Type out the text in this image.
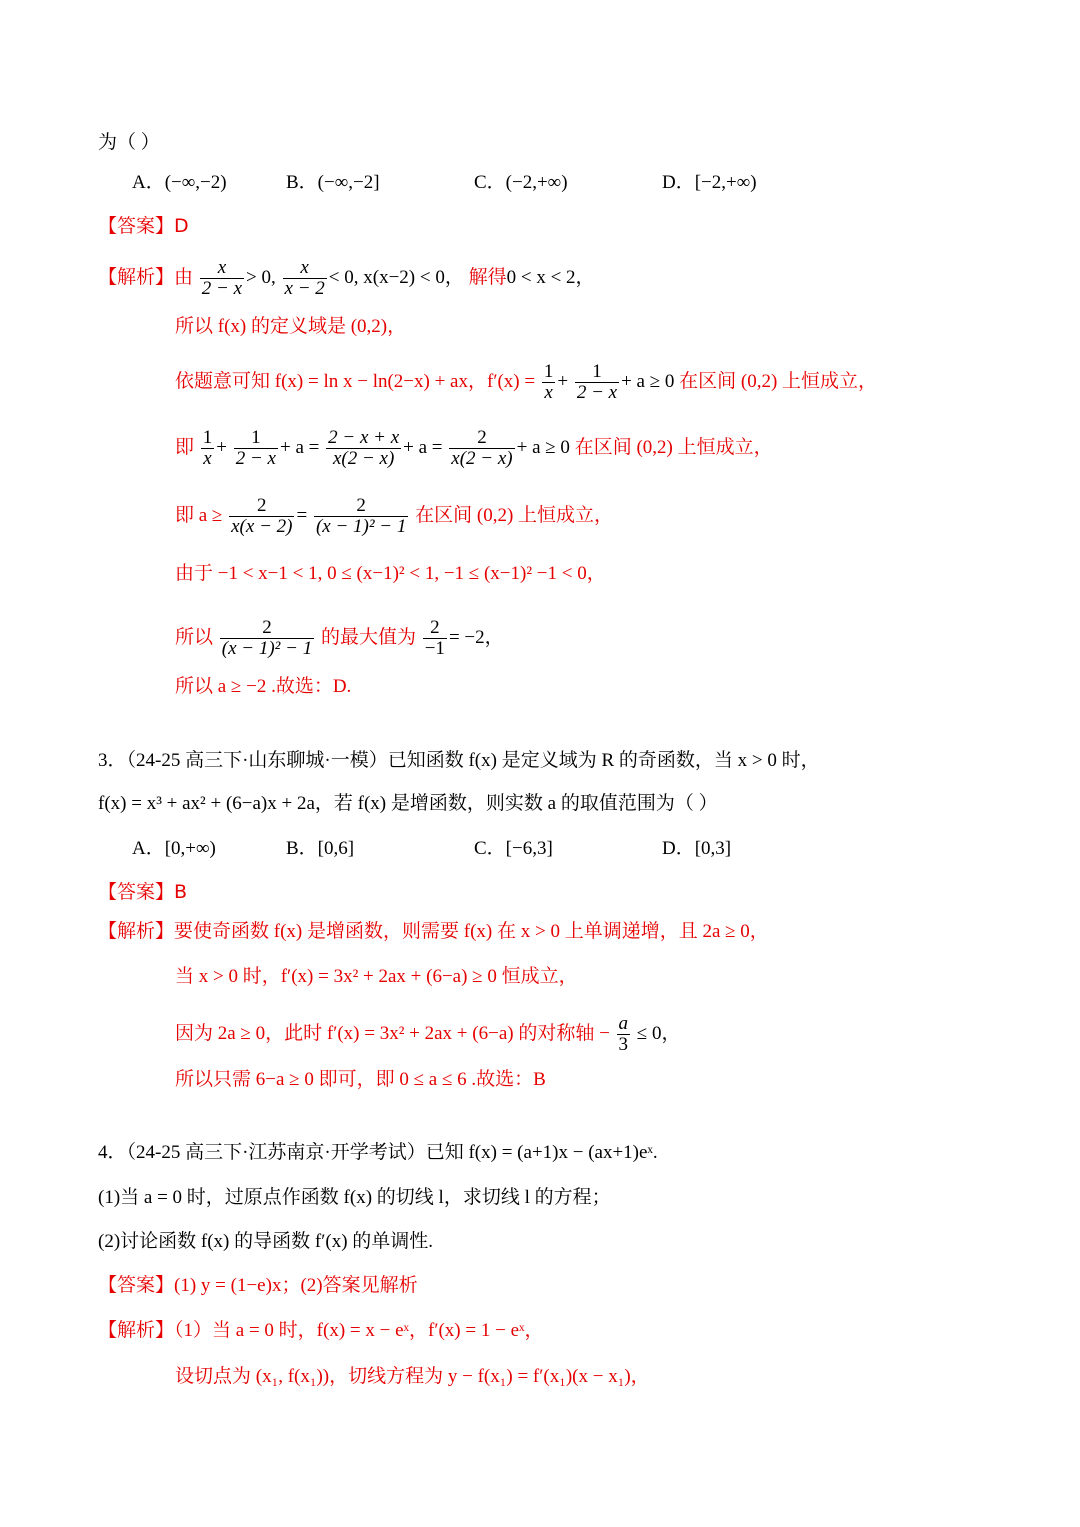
为（ ）
A．(−∞,−2)	B．(−∞,−2]	C．(−2,+∞)	D．[−2,+∞)
【答案】D
【解析】由 $\frac{x}{2 - x} > 0$, $\frac{x}{x - 2} < 0$, x(x−2) < 0， 解得0 < x < 2，
所以 f(x) 的定义域是 (0,2)，
依题意可知 f(x) = ln x − ln(2−x) + ax，$f'(x) = \frac{1}{x} + \frac{1}{2 - x} + a \ge 0$ 在区间 (0,2) 上恒成立，
即 $\frac{1}{x} + \frac{1}{2 - x} + a = \frac{2 - x + x}{x(2 - x)} + a = \frac{2}{x(2 - x)} + a \ge 0$ 在区间 (0,2) 上恒成立，
即 $a \ge \frac{2}{x(x - 2)} = \frac{2}{\text{(x − 1)² − 1}}$ 在区间 (0,2) 上恒成立，
由于 −1 < x−1 < 1, 0 ≤ (x−1)² < 1, −1 ≤ (x−1)² −1 < 0，
所以 $\frac{2}{\text{(x − 1)² − 1}}$ 的最大值为 $\frac{2}{-1} = -2$，
所以 a ≥ −2 .故选：D.
3．（24-25 高三下·山东聊城·一模）已知函数 f(x) 是定义域为 R 的奇函数，当 x > 0 时，
f(x) = x³ + ax² + (6−a)x + 2a，若 f(x) 是增函数，则实数 a 的取值范围为（ ）
A．[0,+∞)	B．[0,6]	C．[−6,3]	D．[0,3]
【答案】B
【解析】要使奇函数 f(x) 是增函数，则需要 f(x) 在 x > 0 上单调递增，且 2a ≥ 0，
当 x > 0 时，f′(x) = 3x² + 2ax + (6−a) ≥ 0 恒成立，
因为 2a ≥ 0，此时 f′(x) = 3x² + 2ax + (6−a) 的对称轴 − $\frac{a}{3} \le 0$，
所以只需 6−a ≥ 0 即可，即 0 ≤ a ≤ 6 .故选：B
4．（24-25 高三下·江苏南京·开学考试）已知 f(x) = (a+1)x − (ax+1)eˣ.
(1)当 a = 0 时，过原点作函数 f(x) 的切线 l，求切线 l 的方程；
(2)讨论函数 f(x) 的导函数 f′(x) 的单调性.
【答案】(1) y = (1−e)x；(2)答案见解析
【解析】（1）当 a = 0 时，f(x) = x − eˣ，f′(x) = 1 − eˣ，
设切点为 (x₁, f(x₁))，切线方程为 y − f(x₁) = f′(x₁)(x − x₁)，
